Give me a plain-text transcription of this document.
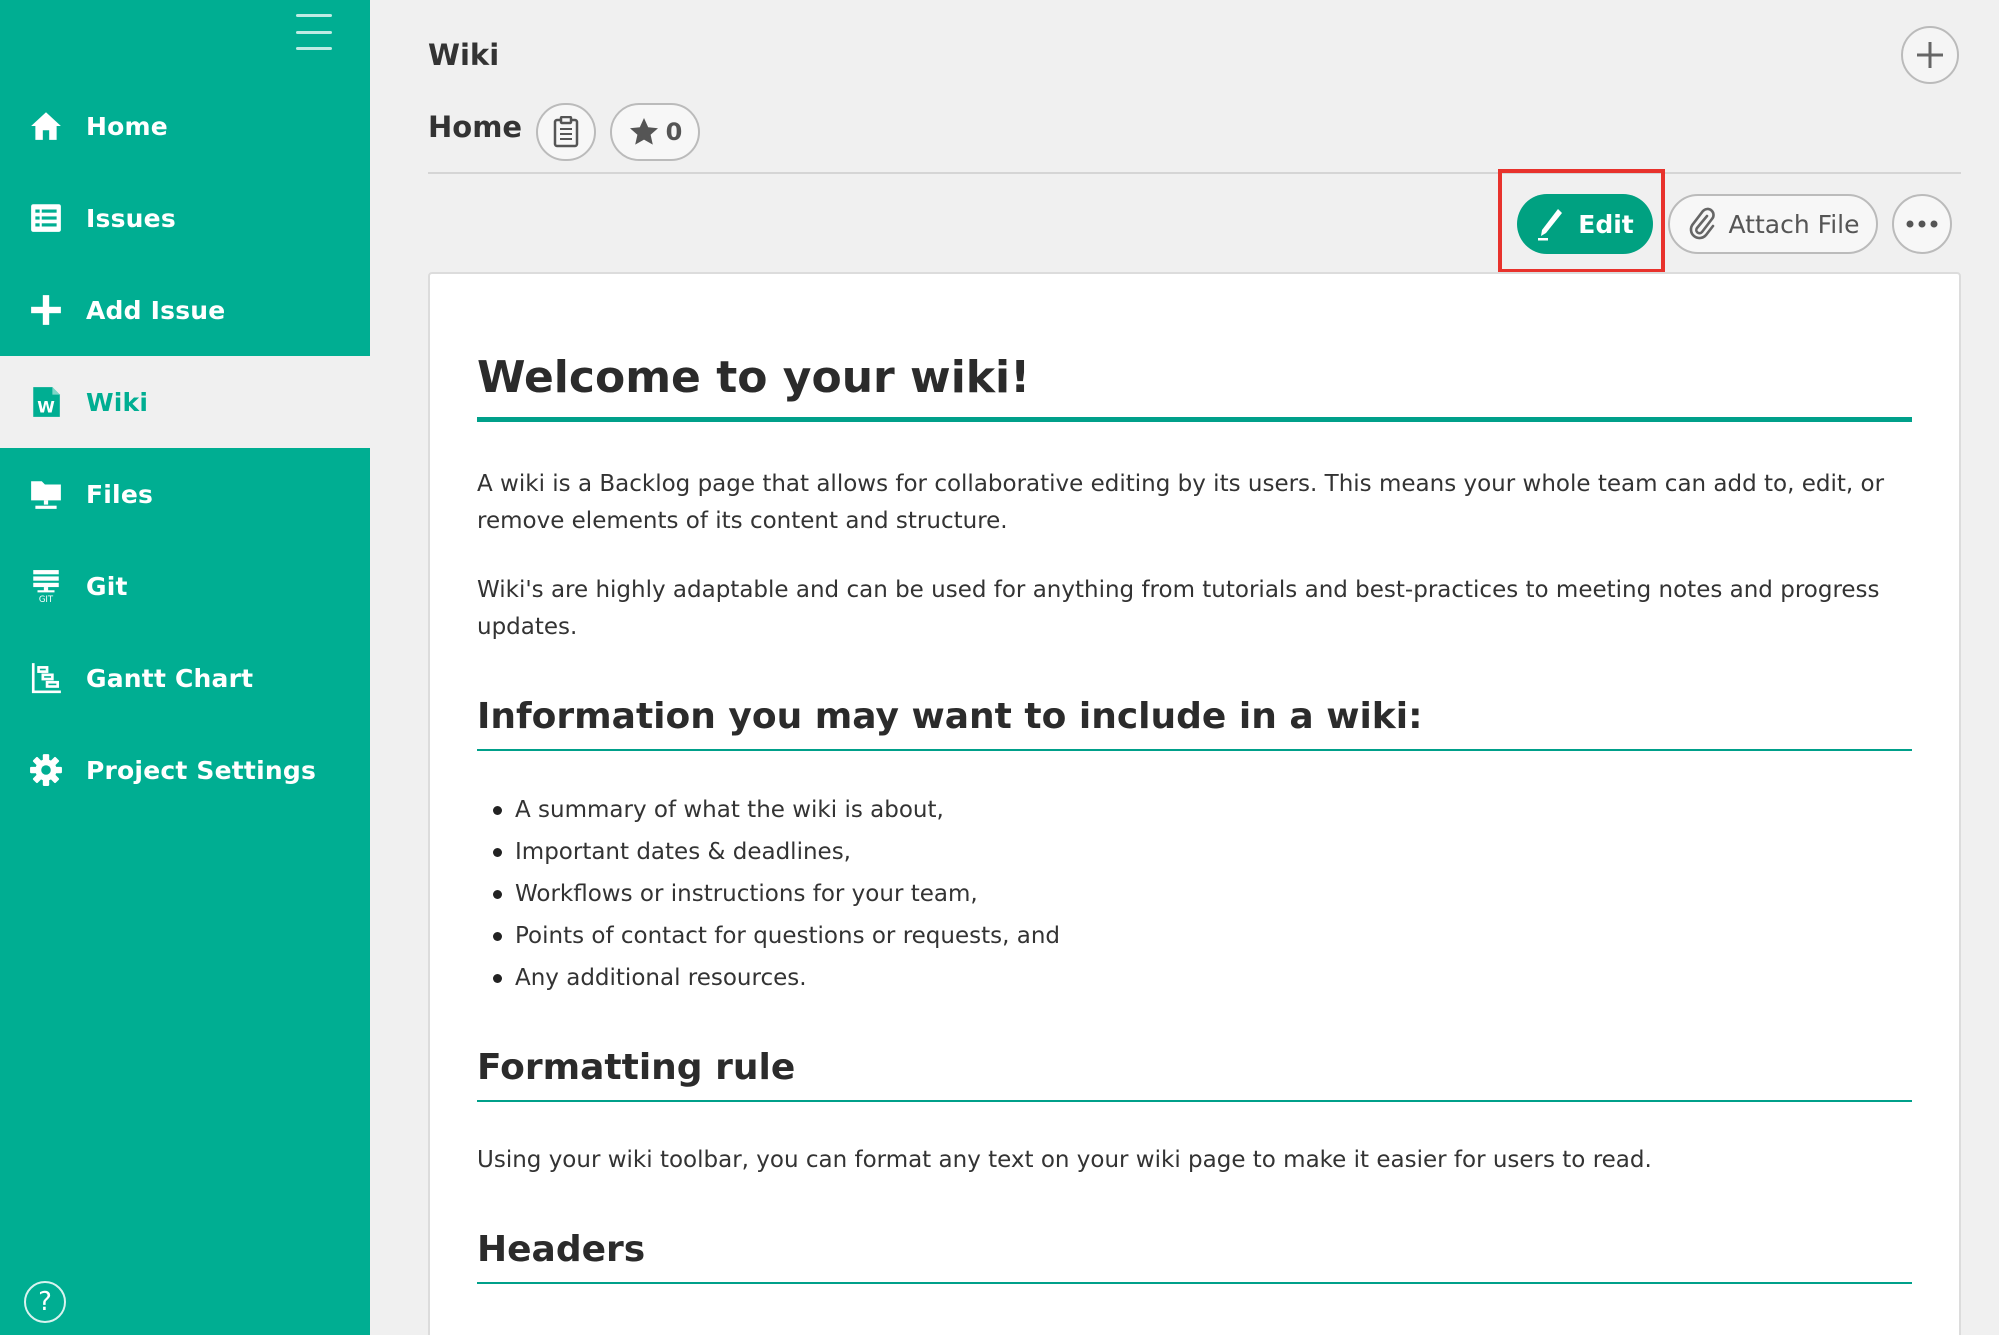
Home
Issues
Add Issue
W Wiki
Files
GIT Git
Gantt Chart
Project Settings
?
Wiki
Home	0
Edit	Attach File
Welcome to your wiki!
A wiki is a Backlog page that allows for collaborative editing by its users. This means your whole team can add to, edit, or remove elements of its content and structure.
Wiki's are highly adaptable and can be used for anything from tutorials and best-practices to meeting notes and progress updates.
Information you may want to include in a wiki:
A summary of what the wiki is about,
Important dates & deadlines,
Workflows or instructions for your team,
Points of contact for questions or requests, and
Any additional resources.
Formatting rule
Using your wiki toolbar, you can format any text on your wiki page to make it easier for users to read.
Headers
